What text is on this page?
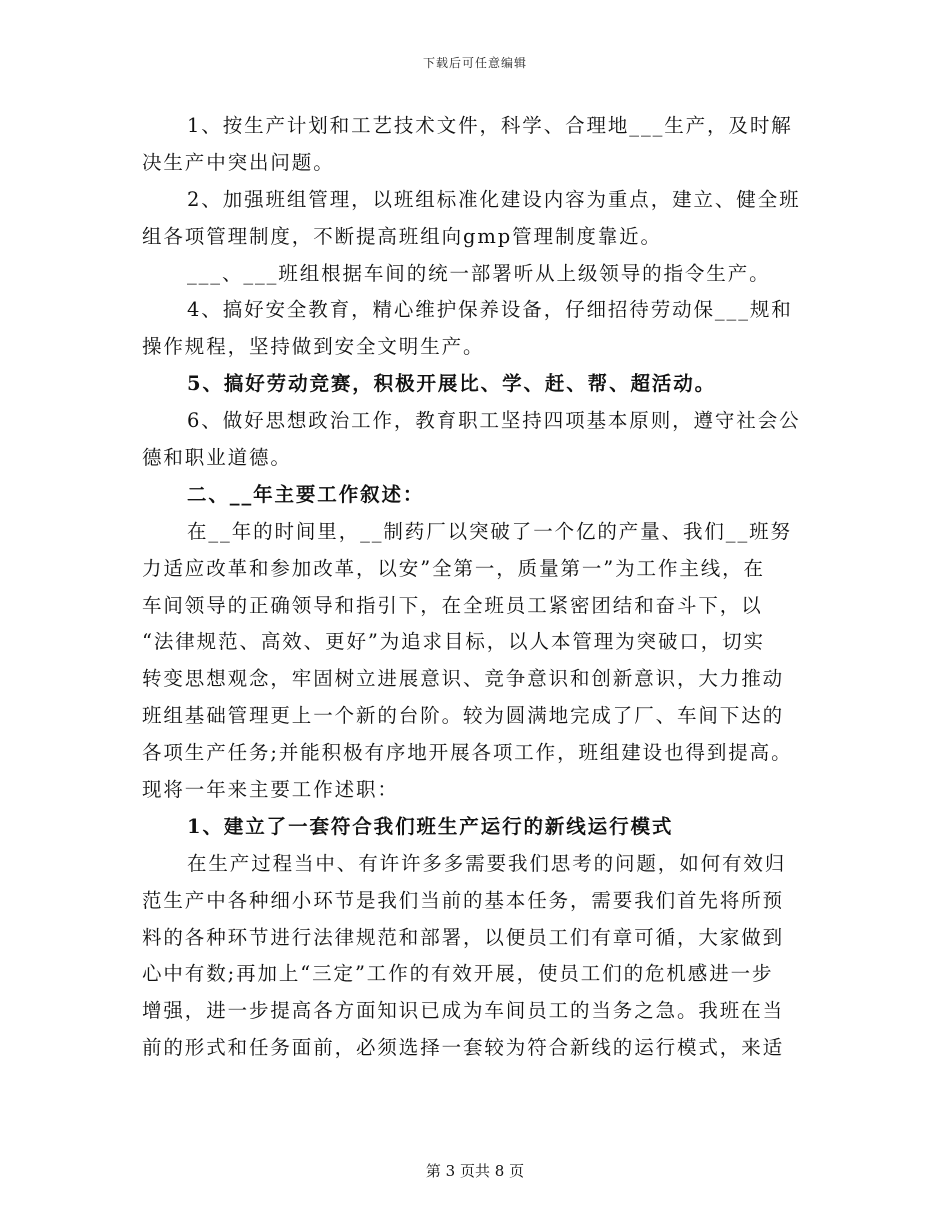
下载后可任意编辑
1、按生产计划和工艺技术文件，科学、合理地___生产，及时解
决生产中突出问题。
2、加强班组管理，以班组标准化建设内容为重点，建立、健全班
组各项管理制度，不断提高班组向gmp管理制度靠近。
___、___班组根据车间的统一部署听从上级领导的指令生产。
4、搞好安全教育，精心维护保养设备，仔细招待劳动保___规和
操作规程，坚持做到安全文明生产。
5、搞好劳动竞赛，积极开展比、学、赶、帮、超活动。
6、做好思想政治工作，教育职工坚持四项基本原则，遵守社会公
德和职业道德。
二、__年主要工作叙述：
在__年的时间里，__制药厂以突破了一个亿的产量、我们__班努
力适应改革和参加改革，以安”全第一，质量第一”为工作主线，在
车间领导的正确领导和指引下，在全班员工紧密团结和奋斗下，以
“法律规范、高效、更好”为追求目标，以人本管理为突破口，切实
转变思想观念，牢固树立进展意识、竞争意识和创新意识，大力推动
班组基础管理更上一个新的台阶。较为圆满地完成了厂、车间下达的
各项生产任务;并能积极有序地开展各项工作，班组建设也得到提高。
现将一年来主要工作述职：
1、建立了一套符合我们班生产运行的新线运行模式
在生产过程当中、有许许多多需要我们思考的问题，如何有效归
范生产中各种细小环节是我们当前的基本任务，需要我们首先将所预
料的各种环节进行法律规范和部署，以便员工们有章可循，大家做到
心中有数;再加上“三定”工作的有效开展，使员工们的危机感进一步
增强，进一步提高各方面知识已成为车间员工的当务之急。我班在当
前的形式和任务面前，必须选择一套较为符合新线的运行模式，来适
第 3 页共 8 页
